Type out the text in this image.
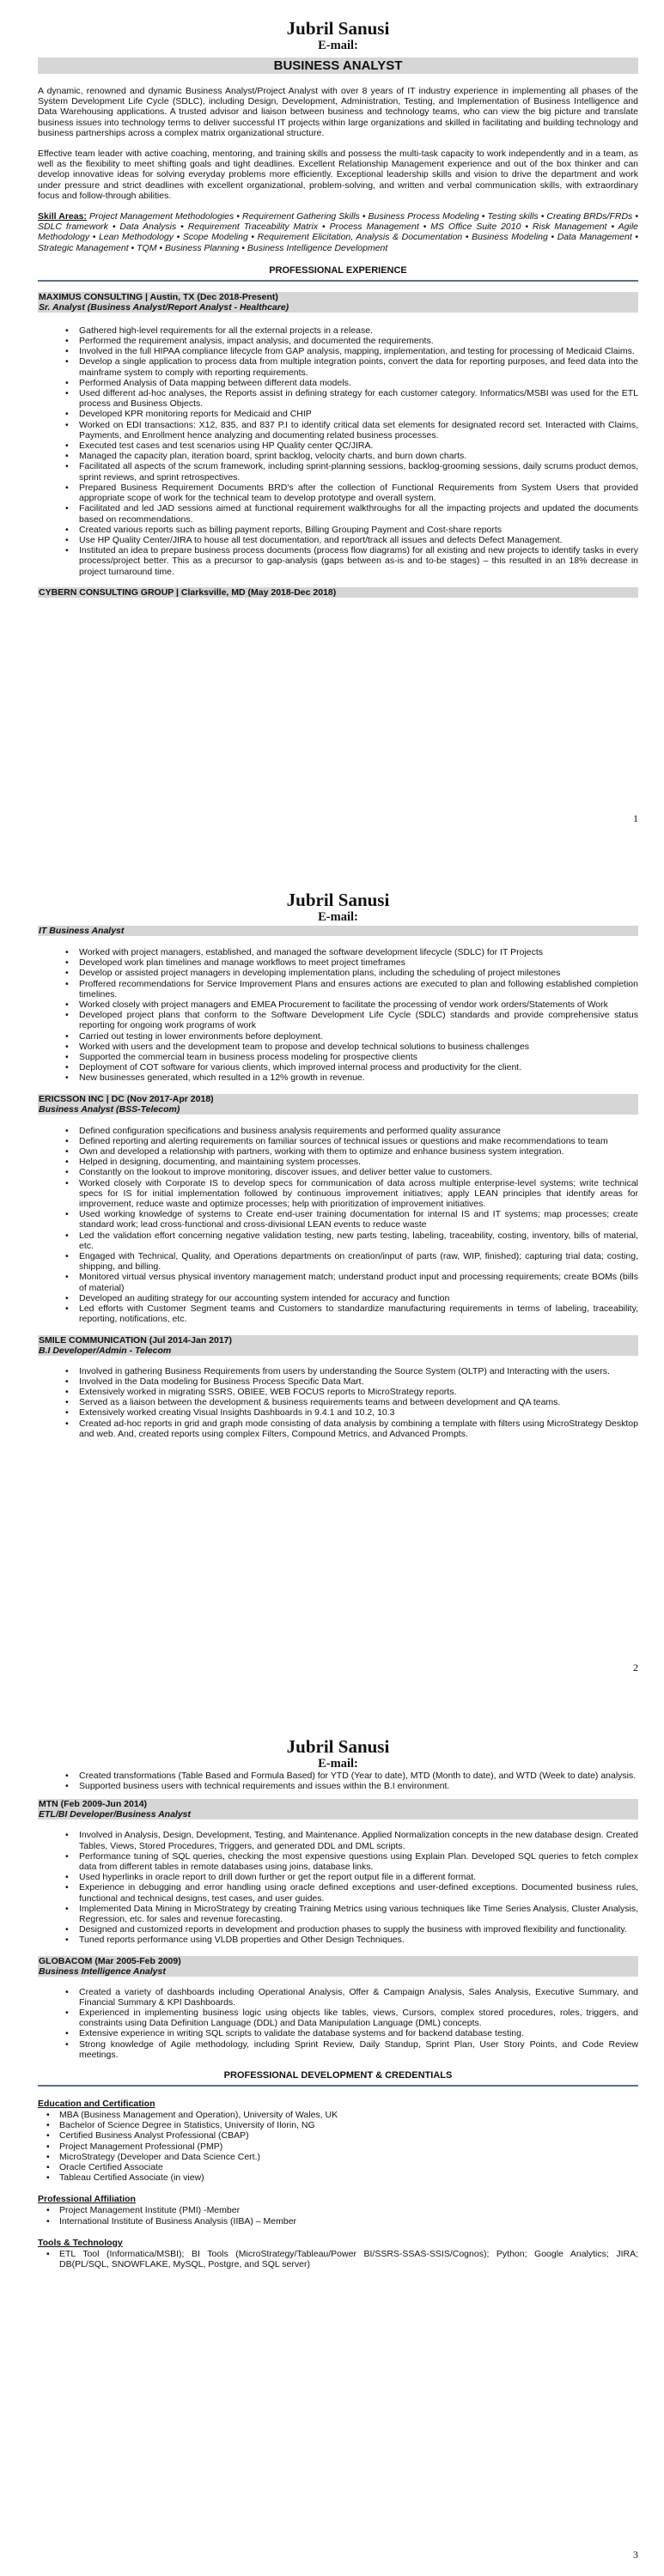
Jubril Sanusi
E-mail:
BUSINESS ANALYST

A dynamic, renowned and dynamic Business Analyst/Project Analyst with over 8 years of IT industry experience in implementing all phases of the System Development Life Cycle (SDLC), including Design, Development, Administration, Testing, and Implementation of Business Intelligence and Data Warehousing applications. A trusted advisor and liaison between business and technology teams, who can view the big picture and translate business issues into technology terms to deliver successful IT projects within large organizations and skilled in facilitating and building technology and business partnerships across a complex matrix organizational structure.

Effective team leader with active coaching, mentoring, and training skills and possess the multi-task capacity to work independently and in a team, as well as the flexibility to meet shifting goals and tight deadlines. Excellent Relationship Management experience and out of the box thinker and can develop innovative ideas for solving everyday problems more efficiently. Exceptional leadership skills and vision to drive the department and work under pressure and strict deadlines with excellent organizational, problem-solving, and written and verbal communication skills, with extraordinary focus and follow-through abilities.

Skill Areas: Project Management Methodologies • Requirement Gathering Skills • Business Process Modeling • Testing skills • Creating BRDs/FRDs • SDLC framework • Data Analysis • Requirement Traceability Matrix • Process Management • MS Office Suite 2010 • Risk Management • Agile Methodology • Lean Methodology • Scope Modeling • Requirement Elicitation, Analysis & Documentation • Business Modeling • Data Management • Strategic Management • TQM • Business Planning • Business Intelligence Development
PROFESSIONAL EXPERIENCE
MAXIMUS CONSULTING | Austin, TX (Dec 2018-Present)
Sr. Analyst (Business Analyst/Report Analyst - Healthcare)
• Gathered high-level requirements for all the external projects in a release.
• Performed the requirement analysis, impact analysis, and documented the requirements.
• Involved in the full HIPAA compliance lifecycle from GAP analysis, mapping, implementation, and testing for processing of Medicaid Claims.
• Develop a single application to process data from multiple integration points, convert the data for reporting purposes, and feed data into the mainframe system to comply with reporting requirements.
• Performed Analysis of Data mapping between different data models.
• Used different ad-hoc analyses, the Reports assist in defining strategy for each customer category. Informatics/MSBI was used for the ETL process and Business Objects.
• Developed KPR monitoring reports for Medicaid and CHIP
• Worked on EDI transactions: X12, 835, and 837 P.I to identify critical data set elements for designated record set. Interacted with Claims, Payments, and Enrollment hence analyzing and documenting related business processes.
• Executed test cases and test scenarios using HP Quality center QC/JIRA.
• Managed the capacity plan, iteration board, sprint backlog, velocity charts, and burn down charts.
• Facilitated all aspects of the scrum framework, including sprint-planning sessions, backlog-grooming sessions, daily scrums product demos, sprint reviews, and sprint retrospectives.
• Prepared Business Requirement Documents BRD's after the collection of Functional Requirements from System Users that provided appropriate scope of work for the technical team to develop prototype and overall system.
• Facilitated and led JAD sessions aimed at functional requirement walkthroughs for all the impacting projects and updated the documents based on recommendations.
• Created various reports such as billing payment reports, Billing Grouping Payment and Cost-share reports
• Use HP Quality Center/JIRA to house all test documentation, and report/track all issues and defects Defect Management.
• Instituted an idea to prepare business process documents (process flow diagrams) for all existing and new projects to identify tasks in every process/project better. This as a precursor to gap-analysis (gaps between as-is and to-be stages) – this resulted in an 18% decrease in project turnaround time.
CYBERN CONSULTING GROUP | Clarksville, MD (May 2018-Dec 2018)
1
Jubril Sanusi
E-mail:
IT Business Analyst
• Worked with project managers, established, and managed the software development lifecycle (SDLC) for IT Projects
• Developed work plan timelines and manage workflows to meet project timeframes
• Develop or assisted project managers in developing implementation plans, including the scheduling of project milestones
• Proffered recommendations for Service Improvement Plans and ensures actions are executed to plan and following established completion timelines.
• Worked closely with project managers and EMEA Procurement to facilitate the processing of vendor work orders/Statements of Work
• Developed project plans that conform to the Software Development Life Cycle (SDLC) standards and provide comprehensive status reporting for ongoing work programs of work
• Carried out testing in lower environments before deployment.
• Worked with users and the development team to propose and develop technical solutions to business challenges
• Supported the commercial team in business process modeling for prospective clients
• Deployment of COT software for various clients, which improved internal process and productivity for the client.
• New businesses generated, which resulted in a 12% growth in revenue.
ERICSSON INC | DC (Nov 2017-Apr 2018)
Business Analyst (BSS-Telecom)
• Defined configuration specifications and business analysis requirements and performed quality assurance
• Defined reporting and alerting requirements on familiar sources of technical issues or questions and make recommendations to team
• Own and developed a relationship with partners, working with them to optimize and enhance business system integration.
• Helped in designing, documenting, and maintaining system processes.
• Constantly on the lookout to improve monitoring, discover issues, and deliver better value to customers.
• Worked closely with Corporate IS to develop specs for communication of data across multiple enterprise-level systems; write technical specs for IS for initial implementation followed by continuous improvement initiatives; apply LEAN principles that identify areas for improvement, reduce waste and optimize processes; help with prioritization of improvement initiatives.
• Used working knowledge of systems to Create end-user training documentation for internal IS and IT systems; map processes; create standard work; lead cross-functional and cross-divisional LEAN events to reduce waste
• Led the validation effort concerning negative validation testing, new parts testing, labeling, traceability, costing, inventory, bills of material, etc.
• Engaged with Technical, Quality, and Operations departments on creation/input of parts (raw, WIP, finished); capturing trial data; costing, shipping, and billing.
• Monitored virtual versus physical inventory management match; understand product input and processing requirements; create BOMs (bills of material)
• Developed an auditing strategy for our accounting system intended for accuracy and function
• Led efforts with Customer Segment teams and Customers to standardize manufacturing requirements in terms of labeling, traceability, reporting, notifications, etc.
SMILE COMMUNICATION (Jul 2014-Jan 2017)
B.I Developer/Admin - Telecom
• Involved in gathering Business Requirements from users by understanding the Source System (OLTP) and Interacting with the users.
• Involved in the Data modeling for Business Process Specific Data Mart.
• Extensively worked in migrating SSRS, OBIEE, WEB FOCUS reports to MicroStrategy reports.
• Served as a liaison between the development & business requirements teams and between development and QA teams.
• Extensively worked creating Visual Insights Dashboards in 9.4.1 and 10.2, 10.3
• Created ad-hoc reports in grid and graph mode consisting of data analysis by combining a template with filters using MicroStrategy Desktop and web. And, created reports using complex Filters, Compound Metrics, and Advanced Prompts.
2
Jubril Sanusi
E-mail:
• Created transformations (Table Based and Formula Based) for YTD (Year to date), MTD (Month to date), and WTD (Week to date) analysis.
• Supported business users with technical requirements and issues within the B.I environment.
MTN (Feb 2009-Jun 2014)
ETL/BI Developer/Business Analyst
• Involved in Analysis, Design, Development, Testing, and Maintenance. Applied Normalization concepts in the new database design. Created Tables, Views, Stored Procedures, Triggers, and generated DDL and DML scripts.
• Performance tuning of SQL queries, checking the most expensive questions using Explain Plan. Developed SQL queries to fetch complex data from different tables in remote databases using joins, database links.
• Used hyperlinks in oracle report to drill down further or get the report output file in a different format.
• Experience in debugging and error handling using oracle defined exceptions and user-defined exceptions. Documented business rules, functional and technical designs, test cases, and user guides.
• Implemented Data Mining in MicroStrategy by creating Training Metrics using various techniques like Time Series Analysis, Cluster Analysis, Regression, etc. for sales and revenue forecasting.
• Designed and customized reports in development and production phases to supply the business with improved flexibility and functionality.
• Tuned reports performance using VLDB properties and Other Design Techniques.
GLOBACOM (Mar 2005-Feb 2009)
Business Intelligence Analyst
• Created a variety of dashboards including Operational Analysis, Offer & Campaign Analysis, Sales Analysis, Executive Summary, and Financial Summary & KPI Dashboards.
• Experienced in implementing business logic using objects like tables, views, Cursors, complex stored procedures, roles, triggers, and constraints using Data Definition Language (DDL) and Data Manipulation Language (DML) concepts.
• Extensive experience in writing SQL scripts to validate the database systems and for backend database testing.
• Strong knowledge of Agile methodology, including Sprint Review, Daily Standup, Sprint Plan, User Story Points, and Code Review meetings.
PROFESSIONAL DEVELOPMENT & CREDENTIALS
Education and Certification
• MBA (Business Management and Operation), University of Wales, UK
• Bachelor of Science Degree in Statistics, University of Ilorin, NG
• Certified Business Analyst Professional (CBAP)
• Project Management Professional (PMP)
• MicroStrategy (Developer and Data Science Cert.)
• Oracle Certified Associate
• Tableau Certified Associate (in view)
Professional Affiliation
• Project Management Institute (PMI) -Member
• International Institute of Business Analysis (IIBA) – Member
Tools & Technology
• ETL Tool (Informatica/MSBI); BI Tools (MicroStrategy/Tableau/Power BI/SSRS-SSAS-SSIS/Cognos); Python; Google Analytics; JIRA; DB(PL/SQL, SNOWFLAKE, MySQL, Postgre, and SQL server)
3
